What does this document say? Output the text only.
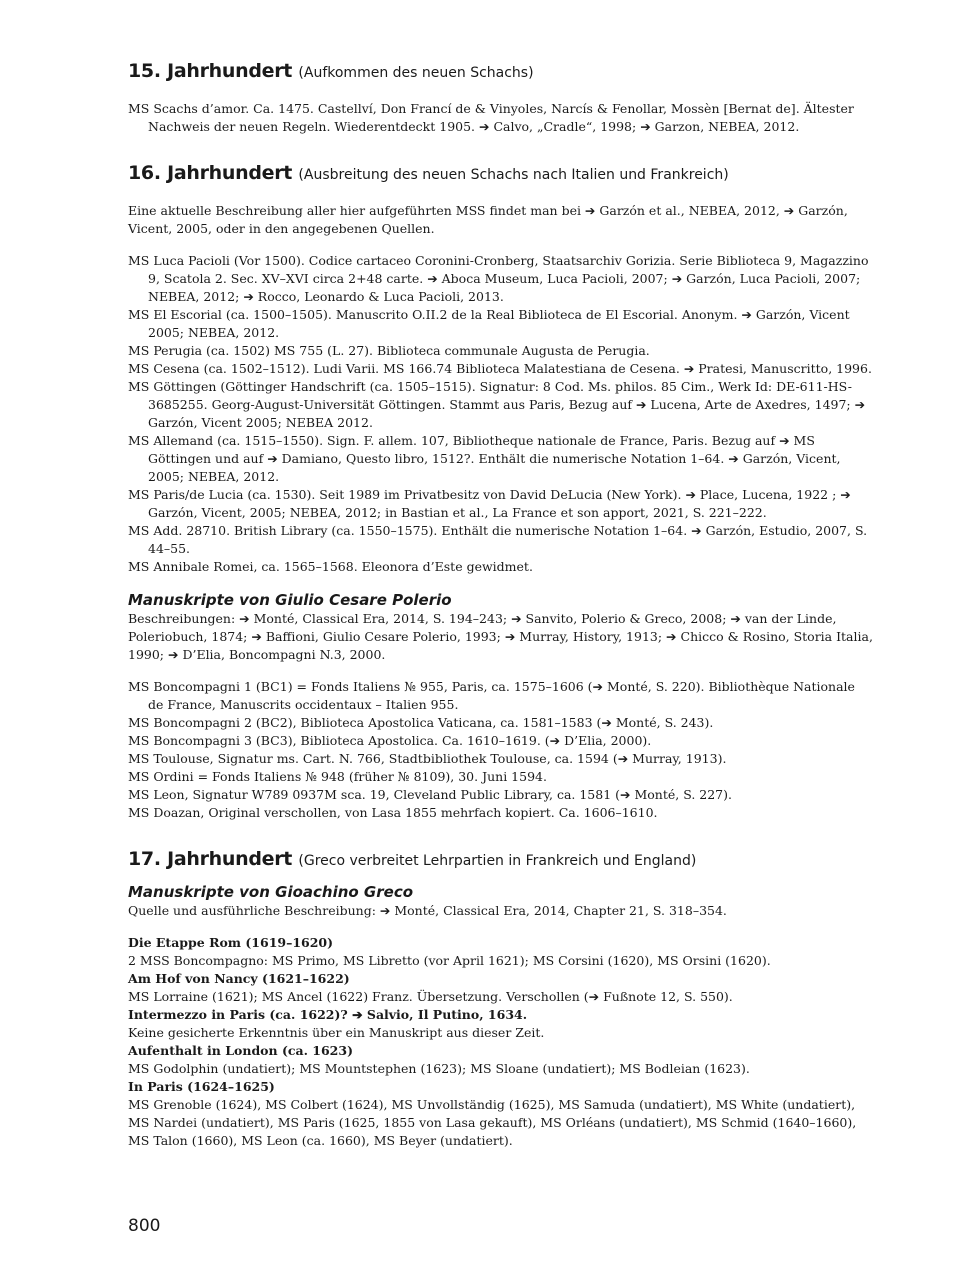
15. Jahrhundert (Aufkommen des neuen Schachs)

MS Scachs d’amor. Ca. 1475. Castellví, Don Francí de & Vinyoles, Narcís & Fenollar, Mossèn [Bernat de]. Ältester Nachweis der neuen Regeln. Wiederentdeckt 1905. ➔ Calvo, „Cradle“, 1998; ➔ Garzon, NEBEA, 2012.

16. Jahrhundert (Ausbreitung des neuen Schachs nach Italien und Frankreich)

Eine aktuelle Beschreibung aller hier aufgeführten MSS findet man bei ➔ Garzón et al., NEBEA, 2012, ➔ Garzón, Vicent, 2005, oder in den angegebenen Quellen.

MS Luca Pacioli (Vor 1500). Codice cartaceo Coronini-Cronberg, Staatsarchiv Gorizia. Serie Biblioteca 9, Magazzino 9, Scatola 2. Sec. XV–XVI circa 2+48 carte. ➔ Aboca Museum, Luca Pacioli, 2007; ➔ Garzón, Luca Pacioli, 2007; NEBEA, 2012; ➔ Rocco, Leonardo & Luca Pacioli, 2013.

MS El Escorial (ca. 1500–1505). Manuscrito O.II.2 de la Real Biblioteca de El Escorial. Anonym. ➔ Garzón, Vicent 2005; NEBEA, 2012.

MS Perugia (ca. 1502) MS 755 (L. 27). Biblioteca communale Augusta de Perugia.

MS Cesena (ca. 1502–1512). Ludi Varii. MS 166.74 Biblioteca Malatestiana de Cesena. ➔ Pratesi, Manuscritto, 1996.

MS Göttingen (Göttinger Handschrift (ca. 1505–1515). Signatur: 8 Cod. Ms. philos. 85 Cim., Werk Id: DE-611-HS-3685255. Georg-August-Universität Göttingen. Stammt aus Paris, Bezug auf ➔ Lucena, Arte de Axedres, 1497; ➔ Garzón, Vicent 2005; NEBEA 2012.

MS Allemand (ca. 1515–1550). Sign. F. allem. 107, Bibliotheque nationale de France, Paris. Bezug auf ➔ MS Göttingen und auf ➔ Damiano, Questo libro, 1512?. Enthält die numerische Notation 1–64. ➔ Garzón, Vicent, 2005; NEBEA, 2012.

MS Paris/de Lucia (ca. 1530). Seit 1989 im Privatbesitz von David DeLucia (New York). ➔ Place, Lucena, 1922 ; ➔ Garzón, Vicent, 2005; NEBEA, 2012; in Bastian et al., La France et son apport, 2021, S. 221–222.

MS Add. 28710. British Library (ca. 1550–1575). Enthält die numerische Notation 1–64. ➔ Garzón, Estudio, 2007, S. 44–55.

MS Annibale Romei, ca. 1565–1568. Eleonora d’Este gewidmet.

Manuskripte von Giulio Cesare Polerio

Beschreibungen: ➔ Monté, Classical Era, 2014, S. 194–243; ➔ Sanvito, Polerio & Greco, 2008; ➔ van der Linde, Poleriobuch, 1874; ➔ Baffioni, Giulio Cesare Polerio, 1993; ➔ Murray, History, 1913; ➔ Chicco & Rosino, Storia Italia, 1990; ➔ D’Elia, Boncompagni N.3, 2000.

MS Boncompagni 1 (BC1) = Fonds Italiens № 955, Paris, ca. 1575–1606 (➔ Monté, S. 220). Bibliothèque Nationale de France, Manuscrits occidentaux – Italien 955.

MS Boncompagni 2 (BC2), Biblioteca Apostolica Vaticana, ca. 1581–1583 (➔ Monté, S. 243).

MS Boncompagni 3 (BC3), Biblioteca Apostolica. Ca. 1610–1619. (➔ D’Elia, 2000).

MS Toulouse, Signatur ms. Cart. N. 766, Stadtbibliothek Toulouse, ca. 1594 (➔ Murray, 1913).

MS Ordini = Fonds Italiens № 948 (früher № 8109), 30. Juni 1594.

MS Leon, Signatur W789 0937M sca. 19, Cleveland Public Library, ca. 1581 (➔ Monté, S. 227).

MS Doazan, Original verschollen, von Lasa 1855 mehrfach kopiert. Ca. 1606–1610.

17. Jahrhundert (Greco verbreitet Lehrpartien in Frankreich und England)
Manuskripte von Gioachino Greco

Quelle und ausführliche Beschreibung: ➔ Monté, Classical Era, 2014, Chapter 21, S. 318–354.

Die Etappe Rom (1619–1620)

2 MSS Boncompagno: MS Primo, MS Libretto (vor April 1621); MS Corsini (1620), MS Orsini (1620).

Am Hof von Nancy (1621–1622)

MS Lorraine (1621); MS Ancel (1622) Franz. Übersetzung. Verschollen (➔ Fußnote 12, S. 550).

Intermezzo in Paris (ca. 1622)? ➔ Salvio, Il Putino, 1634.

Keine gesicherte Erkenntnis über ein Manuskript aus dieser Zeit.

Aufenthalt in London (ca. 1623)

MS Godolphin (undatiert); MS Mountstephen (1623); MS Sloane (undatiert); MS Bodleian (1623).

In Paris (1624–1625)

MS Grenoble (1624), MS Colbert (1624), MS Unvollständig (1625), MS Samuda (undatiert), MS White (undatiert), MS Nardei (undatiert), MS Paris (1625, 1855 von Lasa gekauft), MS Orléans (undatiert), MS Schmid (1640–1660), MS Talon (1660), MS Leon (ca. 1660), MS Beyer (undatiert).

800
